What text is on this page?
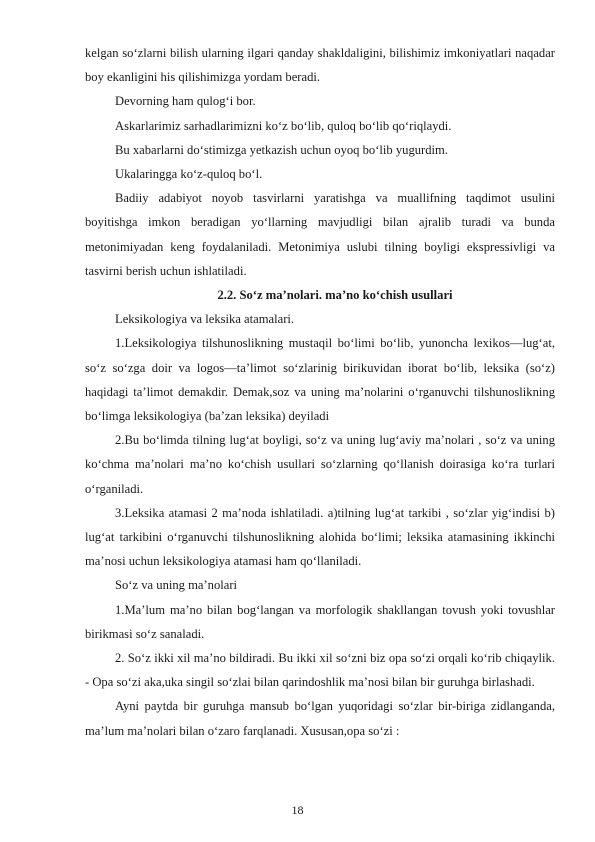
kelgan so‘zlarni bilish ularning ilgari qanday shakldaligini, bilishimiz imkoniyatlari naqadar boy ekanligini his qilishimizga yordam beradi.

Devorning ham qulog‘i bor.

Askarlarimiz sarhadlarimizni ko‘z bo‘lib, quloq bo‘lib qo‘riqlaydi.

Bu xabarlarni do‘stimizga yetkazish uchun oyoq bo‘lib yugurdim.

Ukalaringga ko‘z-quloq bo‘l.

Badiiy adabiyot noyob tasvirlarni yaratishga va muallifning taqdimot usulini boyitishga imkon beradigan yo‘llarning mavjudligi bilan ajralib turadi va bunda metonimiyadan keng foydalaniladi. Metonimiya uslubi tilning boyligi ekspressivligi va tasvirni berish uchun ishlatiladi.

2.2. So‘z ma’nolari. ma’no ko‘chish usullari

Leksikologiya va leksika atamalari.

1.Leksikologiya tilshunoslikning mustaqil bo‘limi bo‘lib, yunoncha lexikos—lug‘at, so‘z so‘zga doir va logos—ta’limot so‘zlarinig birikuvidan iborat bo‘lib, leksika (so‘z) haqidagi ta’limot demakdir. Demak,soz va uning ma’nolarini o‘rganuvchi tilshunoslikning bo‘limga leksikologiya (ba’zan leksika) deyiladi

2.Bu bo‘limda tilning lug‘at boyligi, so‘z va uning lug‘aviy ma’nolari , so‘z va uning ko‘chma ma’nolari ma’no ko‘chish usullari so‘zlarning qo‘llanish doirasiga ko‘ra turlari o‘rganiladi.

3.Leksika atamasi 2 ma’noda ishlatiladi. a)tilning lug‘at tarkibi , so‘zlar yig‘indisi b) lug‘at tarkibini o‘rganuvchi tilshunoslikning alohida bo‘limi; leksika atamasining ikkinchi ma’nosi uchun leksikologiya atamasi ham qo‘llaniladi.

So‘z va uning ma’nolari

1.Ma’lum ma’no bilan bog‘langan va morfologik shakllangan tovush yoki tovushlar birikmasi so‘z sanaladi.

2. So‘z ikki xil ma’no bildiradi. Bu ikki xil so‘zni biz opa so‘zi orqali ko‘rib chiqaylik. - Opa so‘zi aka,uka singil so‘zlai bilan qarindoshlik ma’nosi bilan bir guruhga birlashadi.

Ayni paytda bir guruhga mansub bo‘lgan yuqoridagi so‘zlar bir-biriga zidlanganda, ma’lum ma’nolari bilan o‘zaro farqlanadi. Xususan,opa so‘zi :

18
